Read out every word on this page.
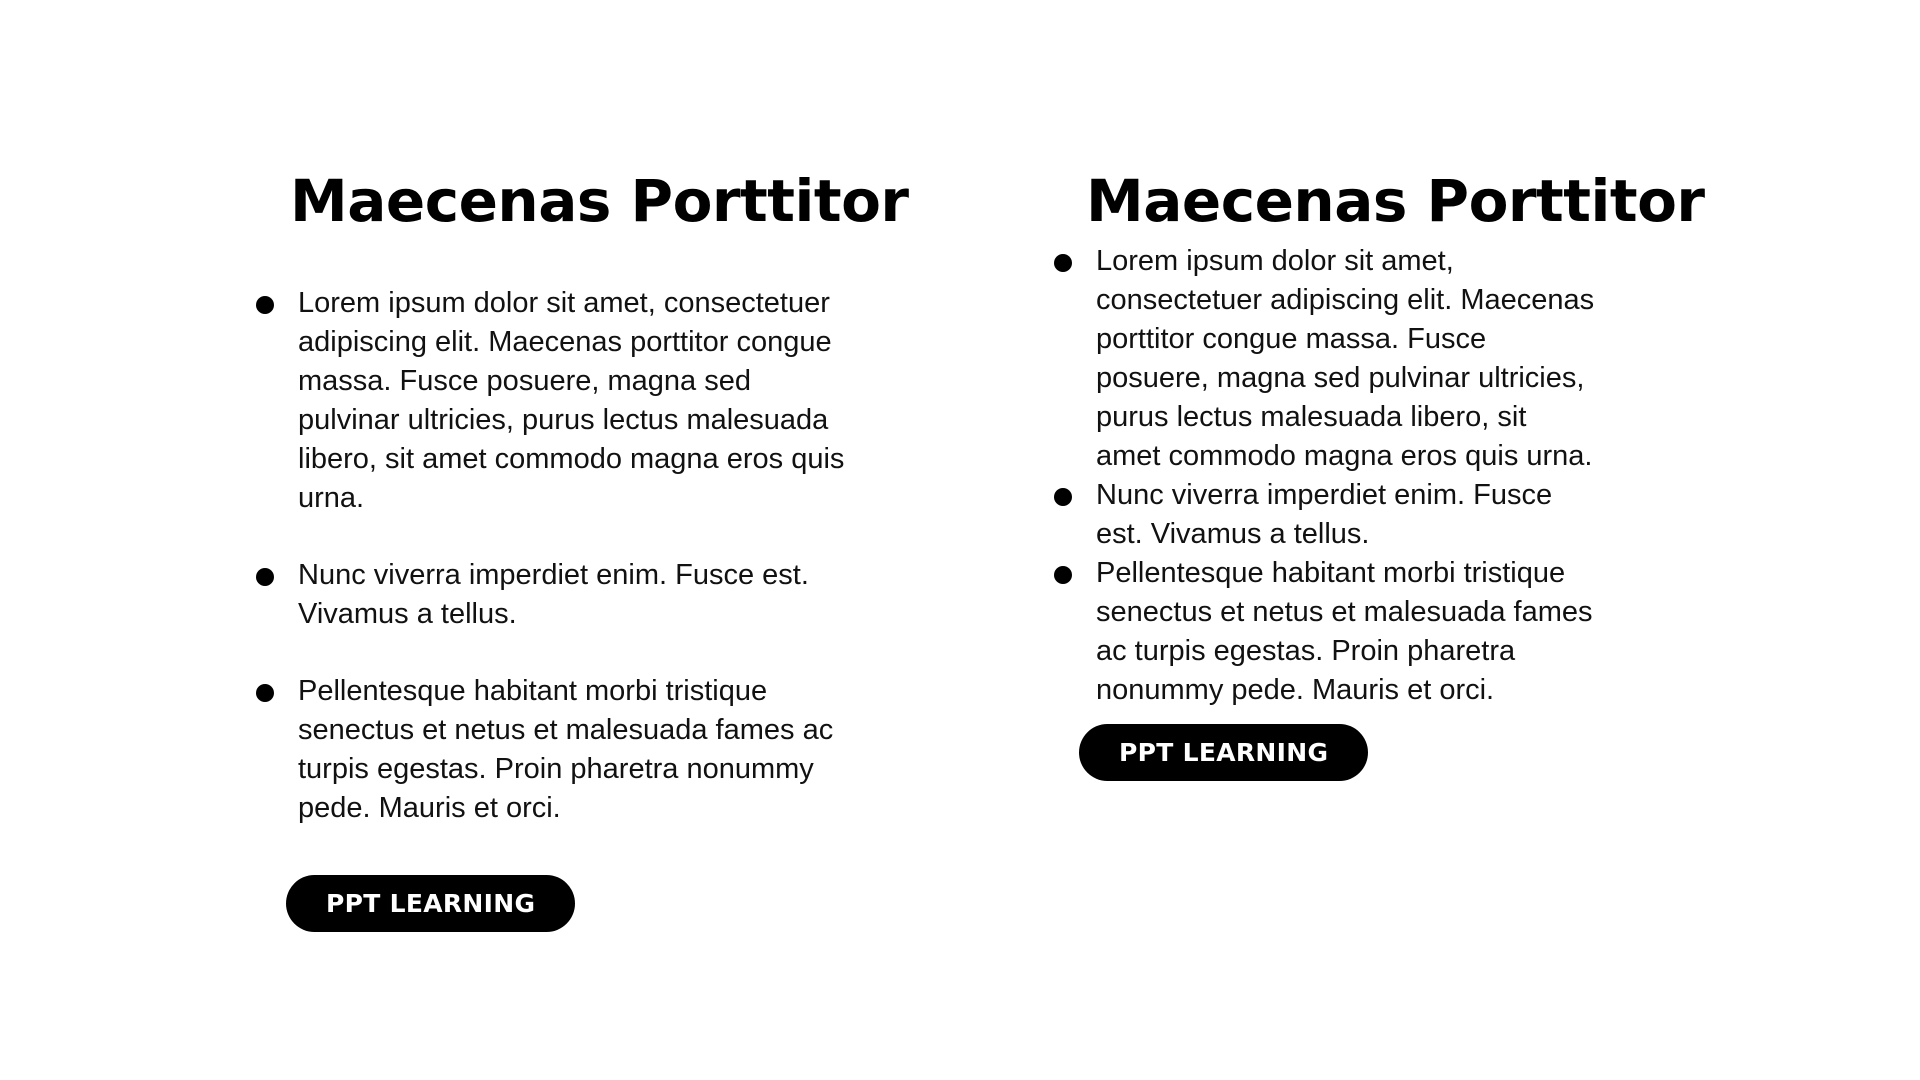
Maecenas Porttitor
Lorem ipsum dolor sit amet, consectetuer adipiscing elit. Maecenas porttitor congue massa. Fusce posuere, magna sed pulvinar ultricies, purus lectus malesuada libero, sit amet commodo magna eros quis urna.
Nunc viverra imperdiet enim. Fusce est. Vivamus a tellus.
Pellentesque habitant morbi tristique senectus et netus et malesuada fames ac turpis egestas. Proin pharetra nonummy pede. Mauris et orci.
PPT LEARNING
Maecenas Porttitor
Lorem ipsum dolor sit amet, consectetuer adipiscing elit. Maecenas porttitor congue massa. Fusce posuere, magna sed pulvinar ultricies, purus lectus malesuada libero, sit amet commodo magna eros quis urna.
Nunc viverra imperdiet enim. Fusce est. Vivamus a tellus.
Pellentesque habitant morbi tristique senectus et netus et malesuada fames ac turpis egestas. Proin pharetra nonummy pede. Mauris et orci.
PPT LEARNING
